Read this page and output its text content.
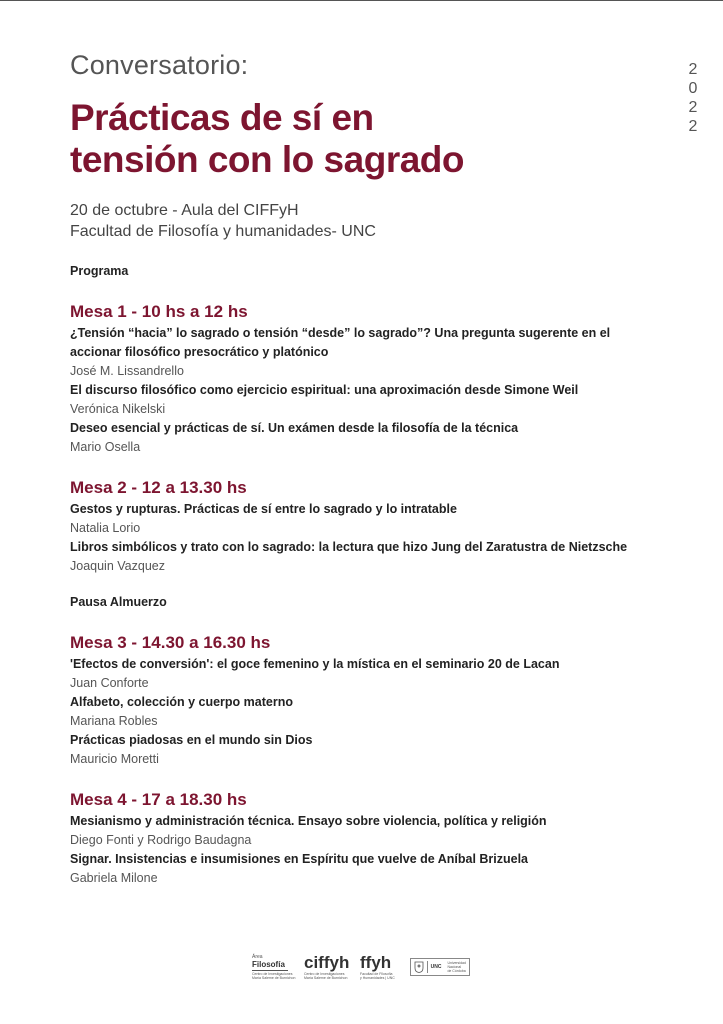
Conversatorio:
Prácticas de sí en
tensión con lo sagrado
2
0
2
2
20 de octubre - Aula del CIFFyH
Facultad de Filosofía y humanidades- UNC
Programa
Mesa 1 - 10 hs a 12 hs
¿Tensión “hacia” lo sagrado o tensión “desde” lo sagrado”? Una pregunta sugerente en el
accionar filosófico presocrático y platónico
José M. Lissandrello
El discurso filosófico como ejercicio espiritual: una aproximación desde Simone Weil
Verónica Nikelski
Deseo esencial y prácticas de sí. Un exámen desde la filosofía de la técnica
Mario Osella
Mesa 2 - 12 a 13.30 hs
Gestos y rupturas. Prácticas de sí entre lo sagrado y lo intratable
Natalia Lorio
Libros simbólicos y trato con lo sagrado: la lectura que hizo Jung del Zaratustra de Nietzsche
Joaquin Vazquez
Pausa Almuerzo
Mesa 3 - 14.30 a 16.30 hs
'Efectos de conversión': el goce femenino y la mística en el seminario 20 de Lacan
Juan Conforte
Alfabeto, colección y cuerpo materno
Mariana Robles
Prácticas piadosas en el mundo sin Dios
Mauricio Moretti
Mesa 4 - 17 a 18.30 hs
Mesianismo y administración técnica. Ensayo sobre violencia, política y religión
Diego Fonti y Rodrigo Baudagna
Signar. Insistencias e insumisiones en Espíritu que vuelve de Aníbal Brizuela
Gabriela Milone
Área
Filosofía
Centro de Investigaciones
María Saleme de Burnichon
ciffyh
Centro de Investigaciones
María Saleme de Burnichon
ffyh
Facultad de Filosofía
y Humanidades | UNC
UNC
Universidad
Nacional
de Córdoba
